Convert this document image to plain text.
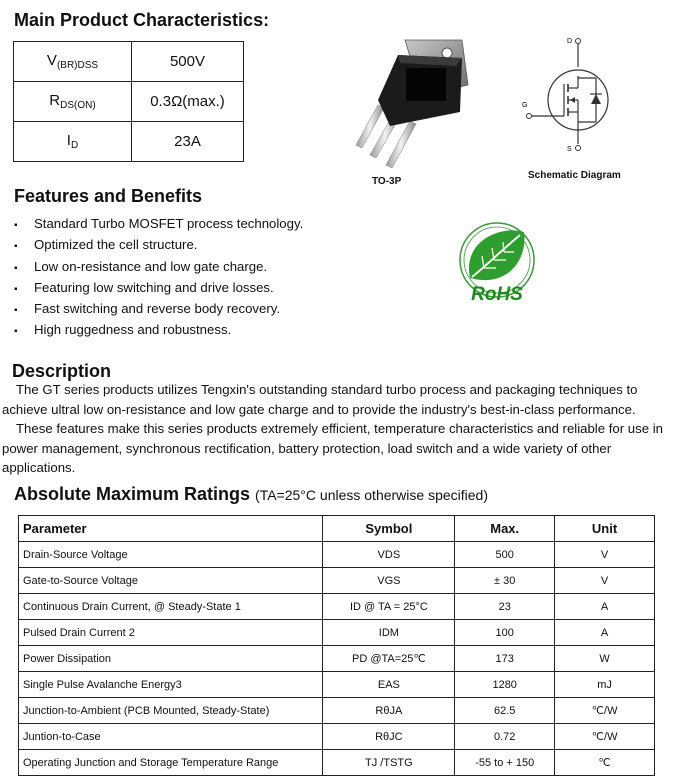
Main Product Characteristics:
$V_{(BR)DSS}$	500V
$R_{DS(ON)}$	0.3Ω(max.)
$I_D$	23A
TO-3P
D
G
S
Schematic Diagram
RoHS
Features and Benefits
▪ Standard Turbo MOSFET process technology.
▪ Optimized the cell structure.
▪ Low on-resistance and low gate charge.
▪ Featuring low switching and drive losses.
▪ Fast switching and reverse body recovery.
▪ High ruggedness and robustness.
Description

The GT series products utilizes Tengxin's outstanding standard turbo process and packaging techniques to achieve ultral low on-resistance and low gate charge and to provide the industry's best-in-class performance.

These features make this series products extremely efficient, temperature characteristics and reliable for use in power management, synchronous rectification, battery protection, load switch and a wide variety of other applications.

Absolute Maximum Ratings (TA=25°C unless otherwise specified)
Parameter	Symbol	Max.	Unit
Drain-Source Voltage	VDS	500	V
Gate-to-Source Voltage	VGS	± 30	V
Continuous Drain Current, @ Steady-State 1	ID @ TA = 25°C	23	A
Pulsed Drain Current 2	IDM	100	A
Power Dissipation	PD @TA=25℃	173	W
Single Pulse Avalanche Energy3	EAS	1280	mJ
Junction-to-Ambient (PCB Mounted, Steady-State)	RθJA	62.5	℃/W
Juntion-to-Case	RθJC	0.72	℃/W
Operating Junction and Storage Temperature Range	TJ /TSTG	-55 to + 150	℃
